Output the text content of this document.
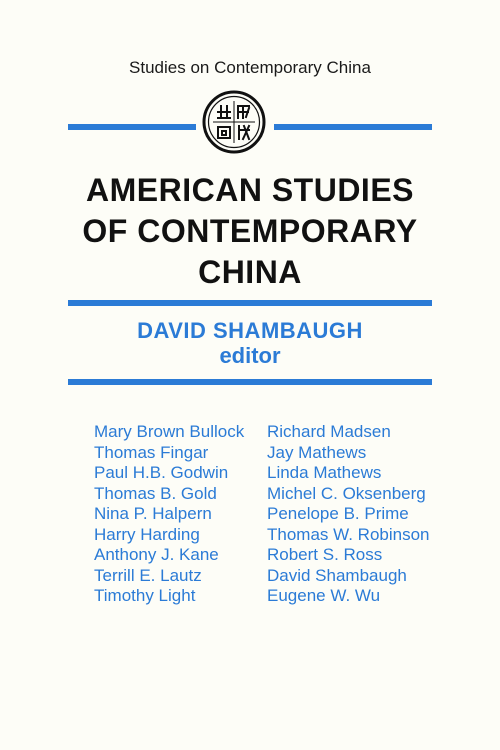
Studies on Contemporary China
AMERICAN STUDIES
OF CONTEMPORARY
CHINA
DAVID SHAMBAUGH
editor
Mary Brown Bullock
Thomas Fingar
Paul H.B. Godwin
Thomas B. Gold
Nina P. Halpern
Harry Harding
Anthony J. Kane
Terrill E. Lautz
Timothy Light
Richard Madsen
Jay Mathews
Linda Mathews
Michel C. Oksenberg
Penelope B. Prime
Thomas W. Robinson
Robert S. Ross
David Shambaugh
Eugene W. Wu
